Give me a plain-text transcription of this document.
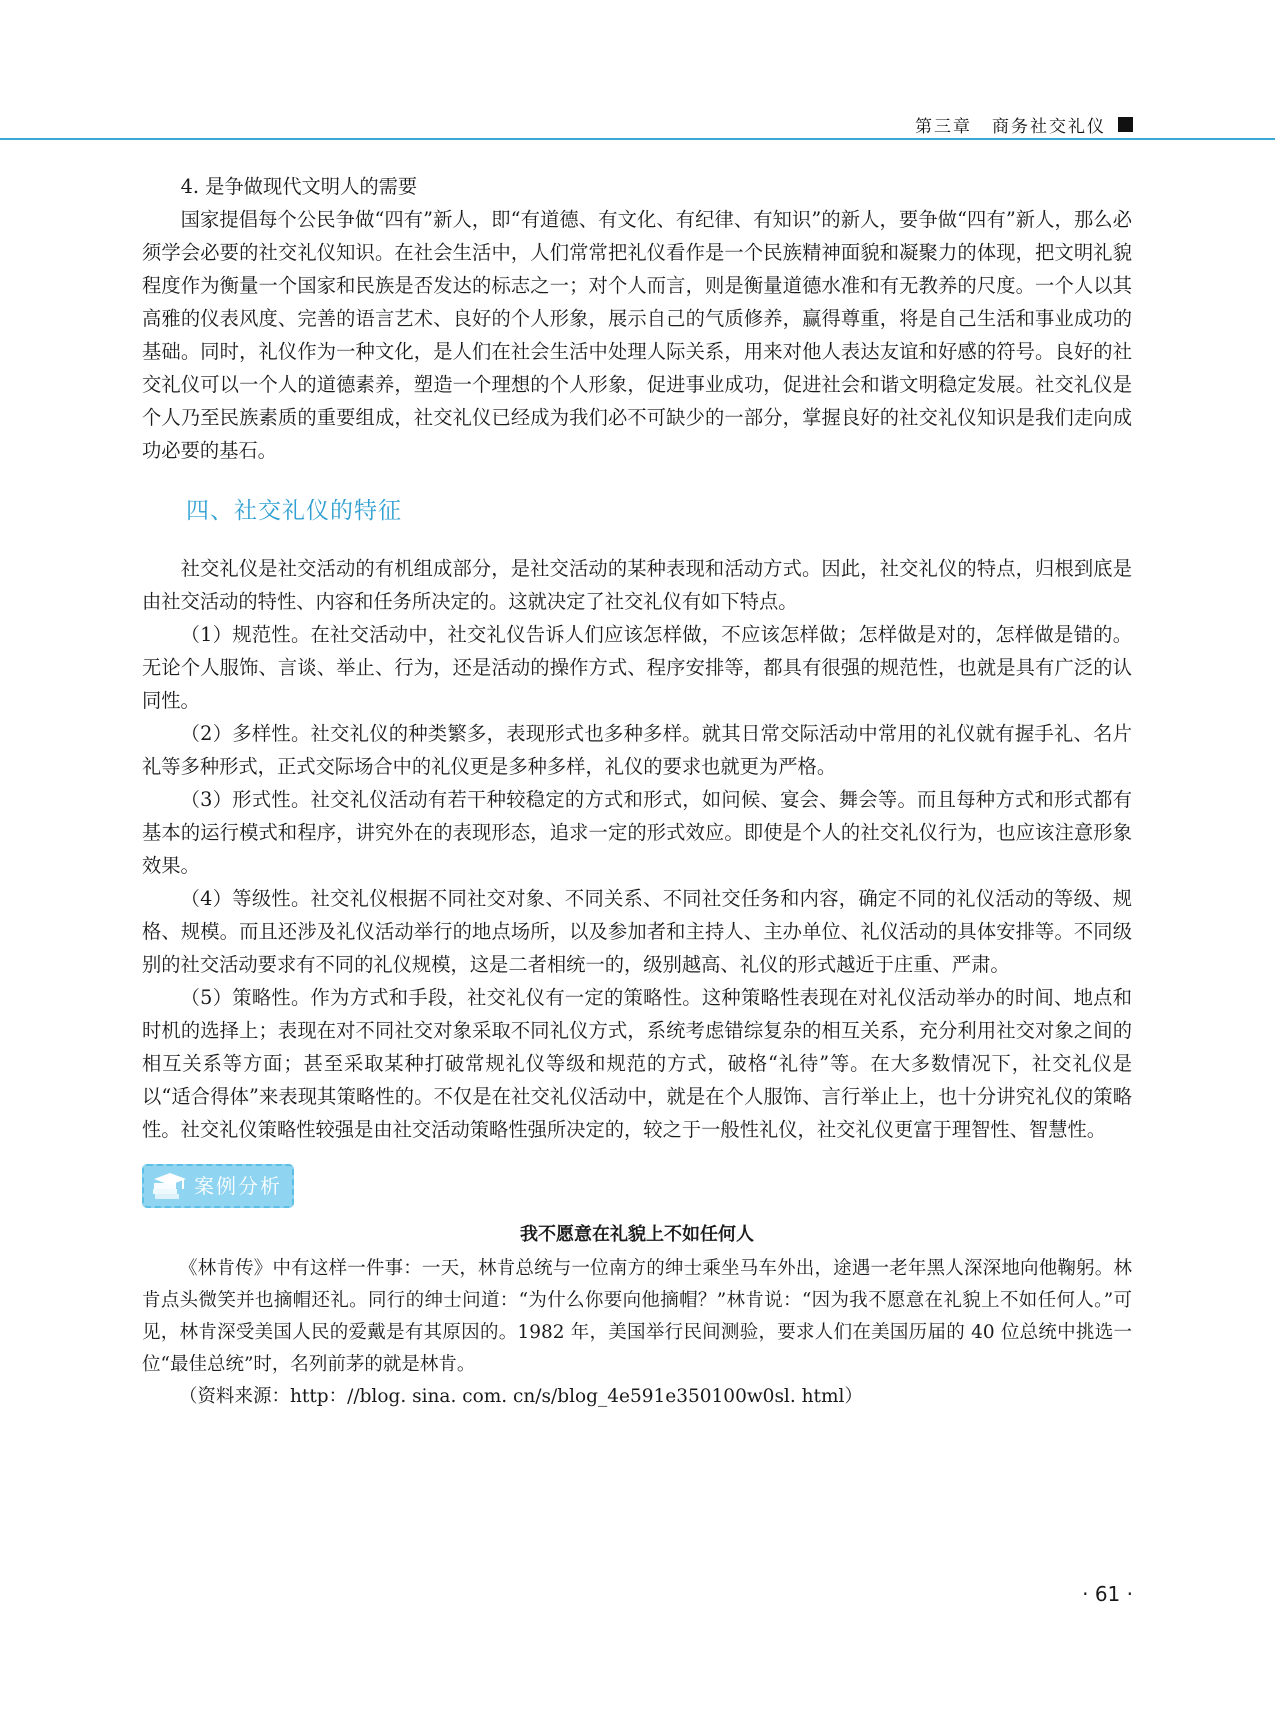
第三章 商务社交礼仪

4. 是争做现代文明人的需要

国家提倡每个公民争做“四有”新人，即“有道德、有文化、有纪律、有知识”的新人，要争做“四有”新人，那么必须学会必要的社交礼仪知识。在社会生活中，人们常常把礼仪看作是一个民族精神面貌和凝聚力的体现，把文明礼貌程度作为衡量一个国家和民族是否发达的标志之一；对个人而言，则是衡量道德水准和有无教养的尺度。一个人以其高雅的仪表风度、完善的语言艺术、良好的个人形象，展示自己的气质修养，赢得尊重，将是自己生活和事业成功的基础。同时，礼仪作为一种文化，是人们在社会生活中处理人际关系，用来对他人表达友谊和好感的符号。良好的社交礼仪可以一个人的道德素养，塑造一个理想的个人形象，促进事业成功，促进社会和谐文明稳定发展。社交礼仪是个人乃至民族素质的重要组成，社交礼仪已经成为我们必不可缺少的一部分，掌握良好的社交礼仪知识是我们走向成功必要的基石。

四、社交礼仪的特征

社交礼仪是社交活动的有机组成部分，是社交活动的某种表现和活动方式。因此，社交礼仪的特点，归根到底是由社交活动的特性、内容和任务所决定的。这就决定了社交礼仪有如下特点。

（1）规范性。在社交活动中，社交礼仪告诉人们应该怎样做，不应该怎样做；怎样做是对的，怎样做是错的。无论个人服饰、言谈、举止、行为，还是活动的操作方式、程序安排等，都具有很强的规范性，也就是具有广泛的认同性。

（2）多样性。社交礼仪的种类繁多，表现形式也多种多样。就其日常交际活动中常用的礼仪就有握手礼、名片礼等多种形式，正式交际场合中的礼仪更是多种多样，礼仪的要求也就更为严格。

（3）形式性。社交礼仪活动有若干种较稳定的方式和形式，如问候、宴会、舞会等。而且每种方式和形式都有基本的运行模式和程序，讲究外在的表现形态，追求一定的形式效应。即使是个人的社交礼仪行为，也应该注意形象效果。

（4）等级性。社交礼仪根据不同社交对象、不同关系、不同社交任务和内容，确定不同的礼仪活动的等级、规格、规模。而且还涉及礼仪活动举行的地点场所，以及参加者和主持人、主办单位、礼仪活动的具体安排等。不同级别的社交活动要求有不同的礼仪规模，这是二者相统一的，级别越高、礼仪的形式越近于庄重、严肃。

（5）策略性。作为方式和手段，社交礼仪有一定的策略性。这种策略性表现在对礼仪活动举办的时间、地点和时机的选择上；表现在对不同社交对象采取不同礼仪方式，系统考虑错综复杂的相互关系，充分利用社交对象之间的相互关系等方面；甚至采取某种打破常规礼仪等级和规范的方式，破格“礼待”等。在大多数情况下，社交礼仪是以“适合得体”来表现其策略性的。不仅是在社交礼仪活动中，就是在个人服饰、言行举止上，也十分讲究礼仪的策略性。社交礼仪策略性较强是由社交活动策略性强所决定的，较之于一般性礼仪，社交礼仪更富于理智性、智慧性。

案例分析
我不愿意在礼貌上不如任何人

《林肯传》中有这样一件事：一天，林肯总统与一位南方的绅士乘坐马车外出，途遇一老年黑人深深地向他鞠躬。林肯点头微笑并也摘帽还礼。同行的绅士问道：“为什么你要向他摘帽？”林肯说：“因为我不愿意在礼貌上不如任何人。”可见，林肯深受美国人民的爱戴是有其原因的。1982 年，美国举行民间测验，要求人们在美国历届的 40 位总统中挑选一位“最佳总统”时，名列前茅的就是林肯。

（资料来源：http：//blog. sina. com. cn/s/blog_4e591e350100w0sl. html）

· 61 ·
